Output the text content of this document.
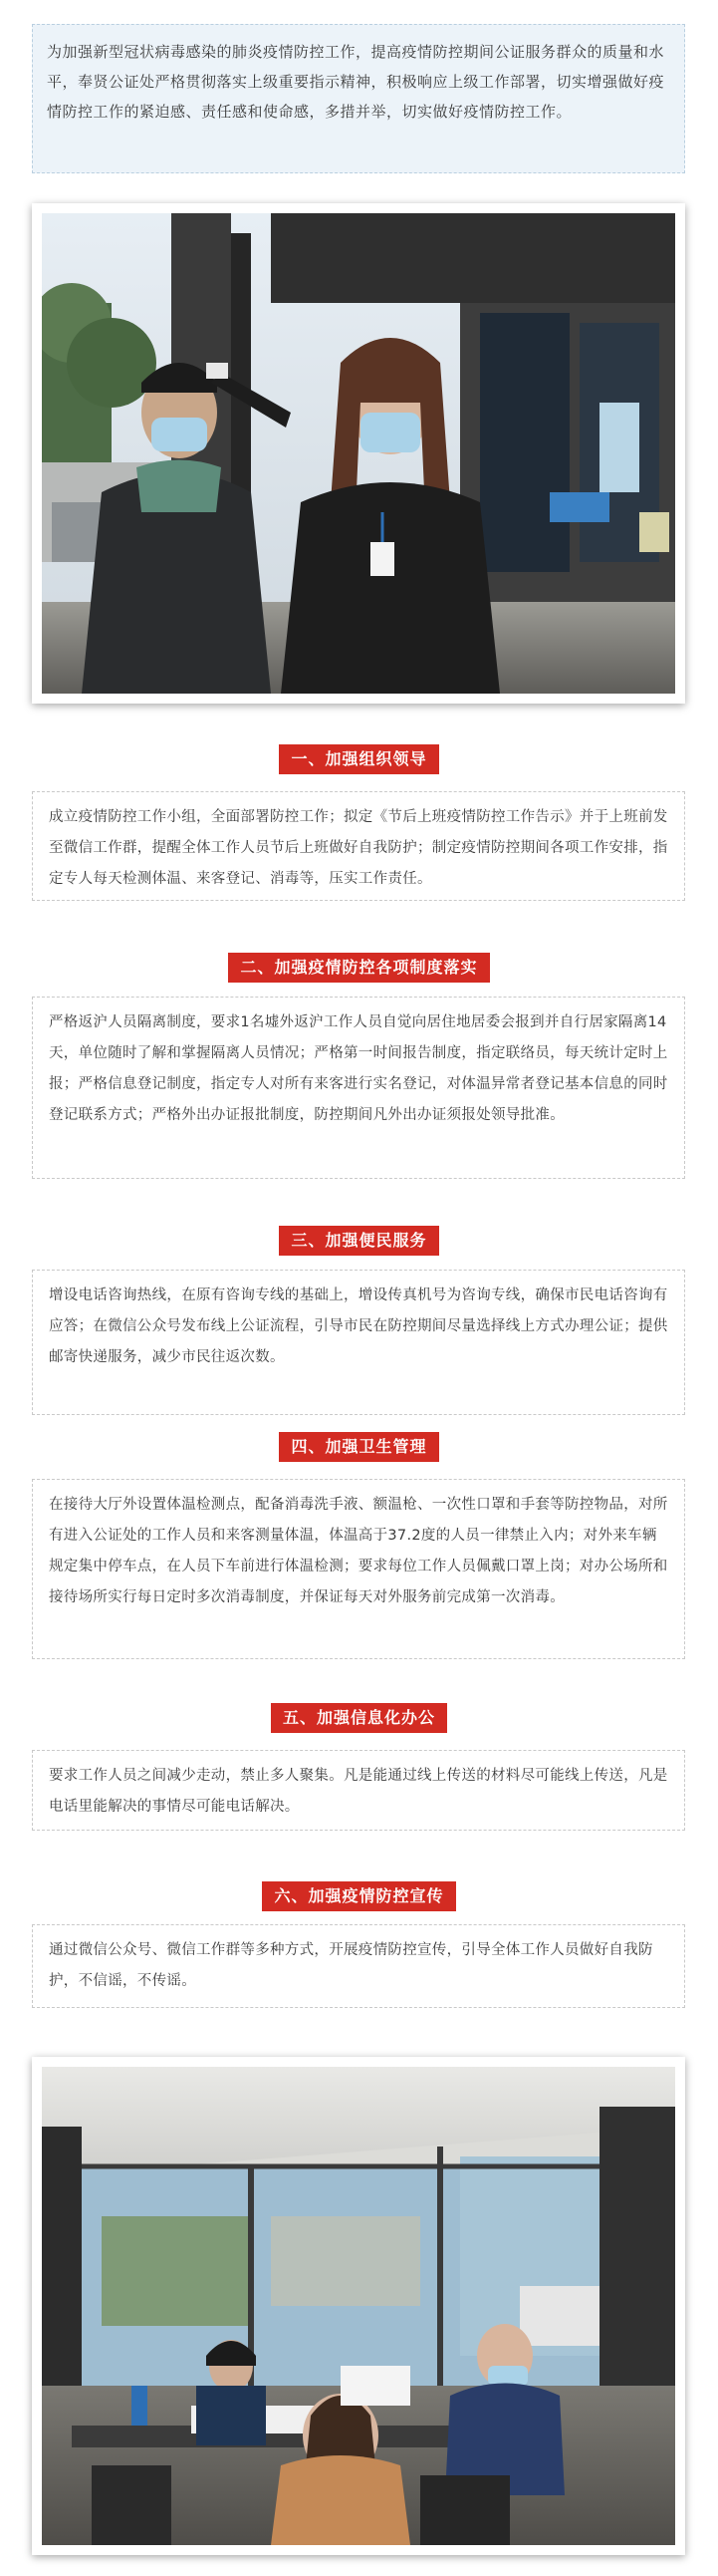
为加强新型冠状病毒感染的肺炎疫情防控工作，提高疫情防控期间公证服务群众的质量和水平，奉贤公证处严格贯彻落实上级重要指示精神，积极响应上级工作部署，切实增强做好疫情防控工作的紧迫感、责任感和使命感，多措并举，切实做好疫情防控工作。
一、加强组织领导
成立疫情防控工作小组，全面部署防控工作；拟定《节后上班疫情防控工作告示》并于上班前发至微信工作群，提醒全体工作人员节后上班做好自我防护；制定疫情防控期间各项工作安排，指定专人每天检测体温、来客登记、消毒等，压实工作责任。
二、加强疫情防控各项制度落实
严格返沪人员隔离制度，要求1名墟外返沪工作人员自觉向居住地居委会报到并自行居家隔离14天，单位随时了解和掌握隔离人员情况；严格第一时间报告制度，指定联络员，每天统计定时上报；严格信息登记制度，指定专人对所有来客进行实名登记，对体温异常者登记基本信息的同时登记联系方式；严格外出办证报批制度，防控期间凡外出办证须报处领导批准。
三、加强便民服务
增设电话咨询热线，在原有咨询专线的基础上，增设传真机号为咨询专线，确保市民电话咨询有应答；在微信公众号发布线上公证流程，引导市民在防控期间尽量选择线上方式办理公证；提供邮寄快递服务，减少市民往返次数。
四、加强卫生管理
在接待大厅外设置体温检测点，配备消毒洗手液、额温枪、一次性口罩和手套等防控物品，对所有进入公证处的工作人员和来客测量体温，体温高于37.2度的人员一律禁止入内；对外来车辆规定集中停车点，在人员下车前进行体温检测；要求每位工作人员佩戴口罩上岗；对办公场所和接待场所实行每日定时多次消毒制度，并保证每天对外服务前完成第一次消毒。
五、加强信息化办公
要求工作人员之间减少走动，禁止多人聚集。凡是能通过线上传送的材料尽可能线上传送，凡是电话里能解决的事情尽可能电话解决。
六、加强疫情防控宣传
通过微信公众号、微信工作群等多种方式，开展疫情防控宣传，引导全体工作人员做好自我防护，不信谣，不传谣。
